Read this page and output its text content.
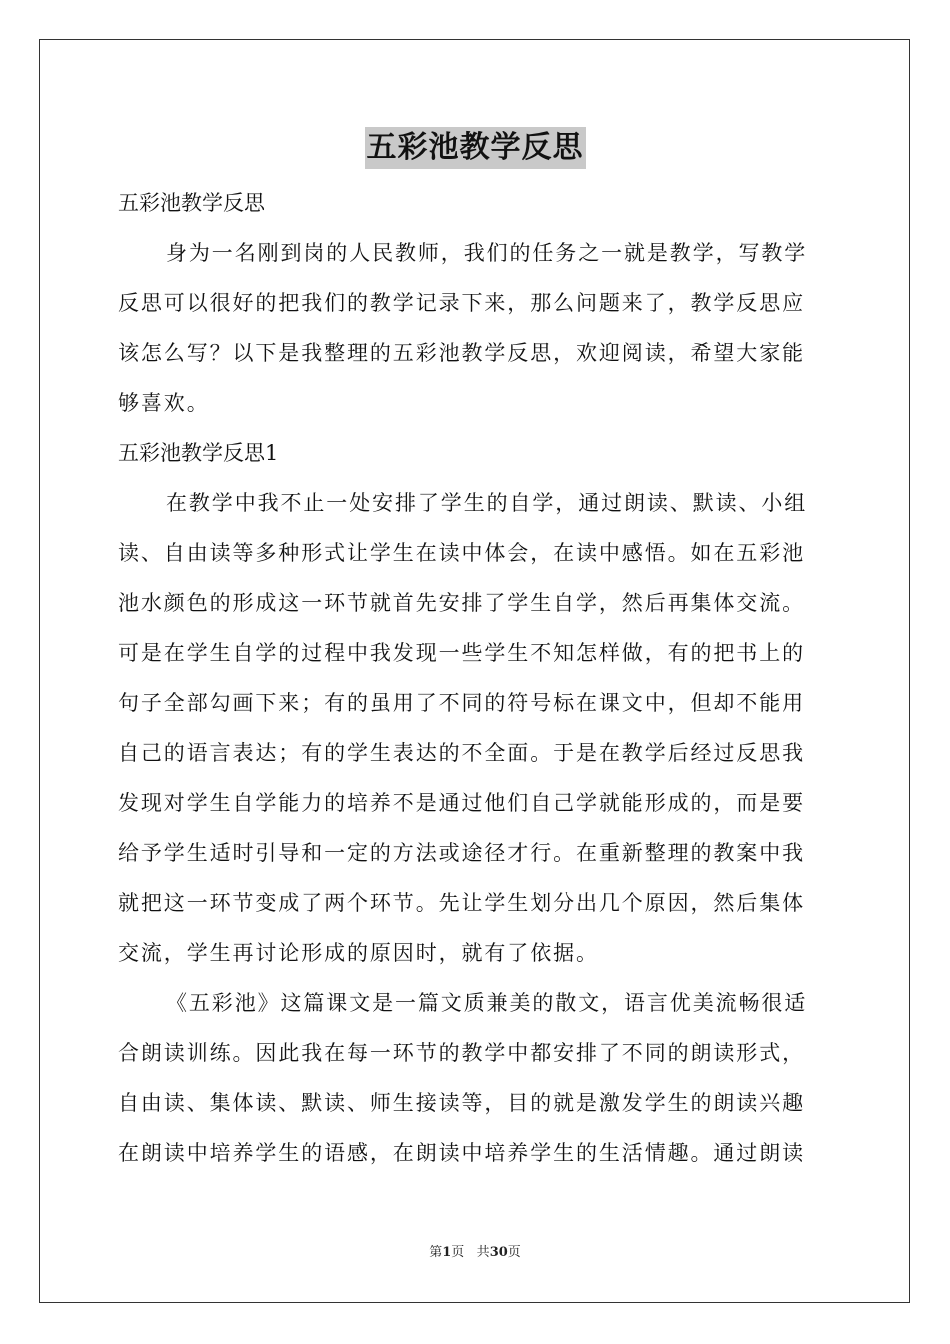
五彩池教学反思
五彩池教学反思
身为一名刚到岗的人民教师，我们的任务之一就是教学，写教学
反思可以很好的把我们的教学记录下来，那么问题来了，教学反思应
该怎么写？以下是我整理的五彩池教学反思，欢迎阅读，希望大家能
够喜欢。
五彩池教学反思1
在教学中我不止一处安排了学生的自学，通过朗读、默读、小组
读、自由读等多种形式让学生在读中体会，在读中感悟。如在五彩池
池水颜色的形成这一环节就首先安排了学生自学，然后再集体交流。
可是在学生自学的过程中我发现一些学生不知怎样做，有的把书上的
句子全部勾画下来；有的虽用了不同的符号标在课文中，但却不能用
自己的语言表达；有的学生表达的不全面。于是在教学后经过反思我
发现对学生自学能力的培养不是通过他们自己学就能形成的，而是要
给予学生适时引导和一定的方法或途径才行。在重新整理的教案中我
就把这一环节变成了两个环节。先让学生划分出几个原因，然后集体
交流，学生再讨论形成的原因时，就有了依据。
《五彩池》这篇课文是一篇文质兼美的散文，语言优美流畅很适
合朗读训练。因此我在每一环节的教学中都安排了不同的朗读形式，
自由读、集体读、默读、师生接读等，目的就是激发学生的朗读兴趣
在朗读中培养学生的语感，在朗读中培养学生的生活情趣。通过朗读
第1页 共30页
